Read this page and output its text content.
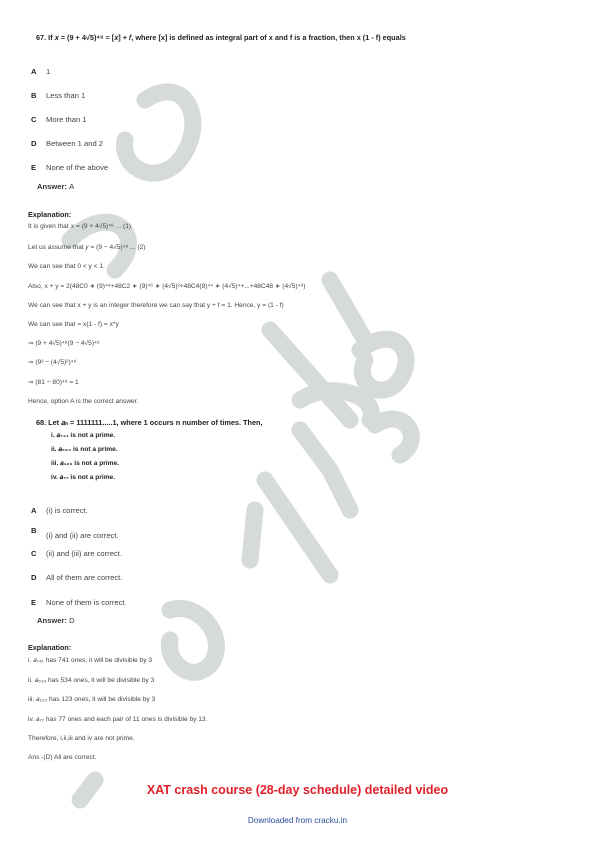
67. If 𝑥 = (9 + 4√5)⁴⁸ = [𝑥] + 𝑓, where [x] is defined as integral part of x and f is a fraction, then x (1 - f) equals
A 1
B Less than 1
C More than 1
D Between 1 and 2
E None of the above
Answer: A
Explanation:
It is given that 𝑥 = (9 + 4√5)⁴⁸ ... (1)
Let us assume that 𝑦 = (9 − 4√5)⁴⁸ ... (2)
We can see that 0 < y < 1.
Also, x + y = 2(48C0 ∗ (9)⁴⁸+48C2 ∗ (9)⁴⁶ ∗ (4√5)²+48C4(9)⁴⁴ ∗ (4√5)⁴+...+48C48 ∗ (4√5)⁴⁸)
We can see that x + y is an integer therefore we can say that y + f = 1. Hence, y = (1 - f)
We can see that = x(1 - f) = x*y
⇒ (9 + 4√5)⁴⁸(9 − 4√5)⁴⁸
⇒ (9² − (4√5)²)⁴⁸
⇒ (81 − 80)⁴⁸ = 1
Hence, option A is the correct answer.
68. Let 𝑎ₙ = 1111111.....1, where 1 occurs n number of times. Then,
i. 𝑎₇₄₁ is not a prime.
ii. 𝑎₅₃₄ is not a prime.
iii. 𝑎₁₂₃ is not a prime.
iv. 𝑎₇₇ is not a prime.
A (i) is correct.
B
(i) and (ii) are correct.
C (ii) and (iii) are correct.
D All of them are correct.
E None of them is correct.
Answer: D
Explanation:
i. 𝑎₇₄₁ has 741 ones, it will be divisible by 3
ii. 𝑎₅₃₄ has 534 ones, it will be divisible by 3
iii. 𝑎₁₂₃ has 123 ones, it will be divisible by 3
iv. 𝑎₇₇ has 77 ones and each pair of 11 ones is divisible by 13.
Therefore, i,ii,iii and iv are not prime.
Ans -(D) All are correct.
XAT crash course (28-day schedule) detailed video
Downloaded from cracku.in
